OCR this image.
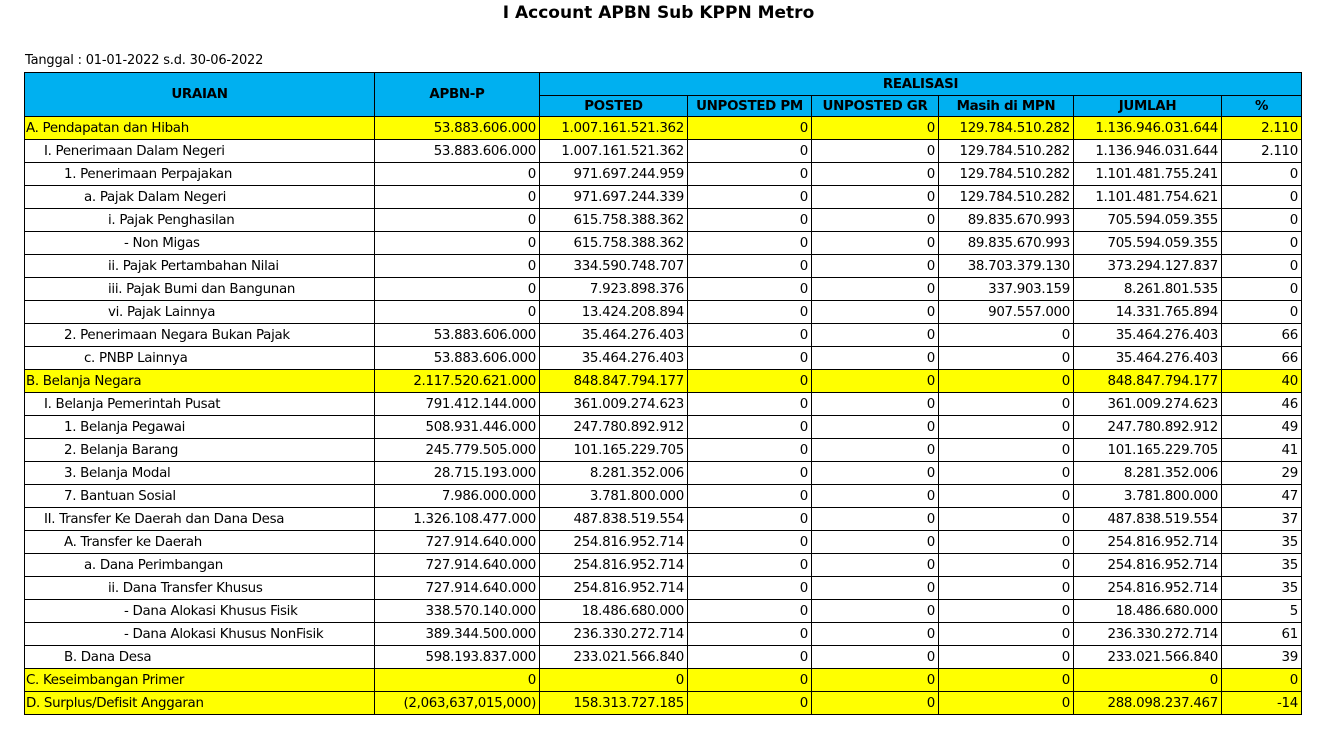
I Account APBN Sub KPPN Metro
Tanggal : 01-01-2022 s.d. 30-06-2022
URAIAN	APBN-P	REALISASI					
		POSTED	UNPOSTED PM	UNPOSTED GR	Masih di MPN	JUMLAH	%
A. Pendapatan dan Hibah	53.883.606.000	1.007.161.521.362	0	0	129.784.510.282	1.136.946.031.644	2.110
I. Penerimaan Dalam Negeri	53.883.606.000	1.007.161.521.362	0	0	129.784.510.282	1.136.946.031.644	2.110
1. Penerimaan Perpajakan	0	971.697.244.959	0	0	129.784.510.282	1.101.481.755.241	0
a. Pajak Dalam Negeri	0	971.697.244.339	0	0	129.784.510.282	1.101.481.754.621	0
i. Pajak Penghasilan	0	615.758.388.362	0	0	89.835.670.993	705.594.059.355	0
- Non Migas	0	615.758.388.362	0	0	89.835.670.993	705.594.059.355	0
ii. Pajak Pertambahan Nilai	0	334.590.748.707	0	0	38.703.379.130	373.294.127.837	0
iii. Pajak Bumi dan Bangunan	0	7.923.898.376	0	0	337.903.159	8.261.801.535	0
vi. Pajak Lainnya	0	13.424.208.894	0	0	907.557.000	14.331.765.894	0
2. Penerimaan Negara Bukan Pajak	53.883.606.000	35.464.276.403	0	0	0	35.464.276.403	66
c. PNBP Lainnya	53.883.606.000	35.464.276.403	0	0	0	35.464.276.403	66
B. Belanja Negara	2.117.520.621.000	848.847.794.177	0	0	0	848.847.794.177	40
I. Belanja Pemerintah Pusat	791.412.144.000	361.009.274.623	0	0	0	361.009.274.623	46
1. Belanja Pegawai	508.931.446.000	247.780.892.912	0	0	0	247.780.892.912	49
2. Belanja Barang	245.779.505.000	101.165.229.705	0	0	0	101.165.229.705	41
3. Belanja Modal	28.715.193.000	8.281.352.006	0	0	0	8.281.352.006	29
7. Bantuan Sosial	7.986.000.000	3.781.800.000	0	0	0	3.781.800.000	47
II. Transfer Ke Daerah dan Dana Desa	1.326.108.477.000	487.838.519.554	0	0	0	487.838.519.554	37
A. Transfer ke Daerah	727.914.640.000	254.816.952.714	0	0	0	254.816.952.714	35
a. Dana Perimbangan	727.914.640.000	254.816.952.714	0	0	0	254.816.952.714	35
ii. Dana Transfer Khusus	727.914.640.000	254.816.952.714	0	0	0	254.816.952.714	35
- Dana Alokasi Khusus Fisik	338.570.140.000	18.486.680.000	0	0	0	18.486.680.000	5
- Dana Alokasi Khusus NonFisik	389.344.500.000	236.330.272.714	0	0	0	236.330.272.714	61
B. Dana Desa	598.193.837.000	233.021.566.840	0	0	0	233.021.566.840	39
C. Keseimbangan Primer	0	0	0	0	0	0	0
D. Surplus/Defisit Anggaran	(2,063,637,015,000)	158.313.727.185	0	0	0	288.098.237.467	-14
